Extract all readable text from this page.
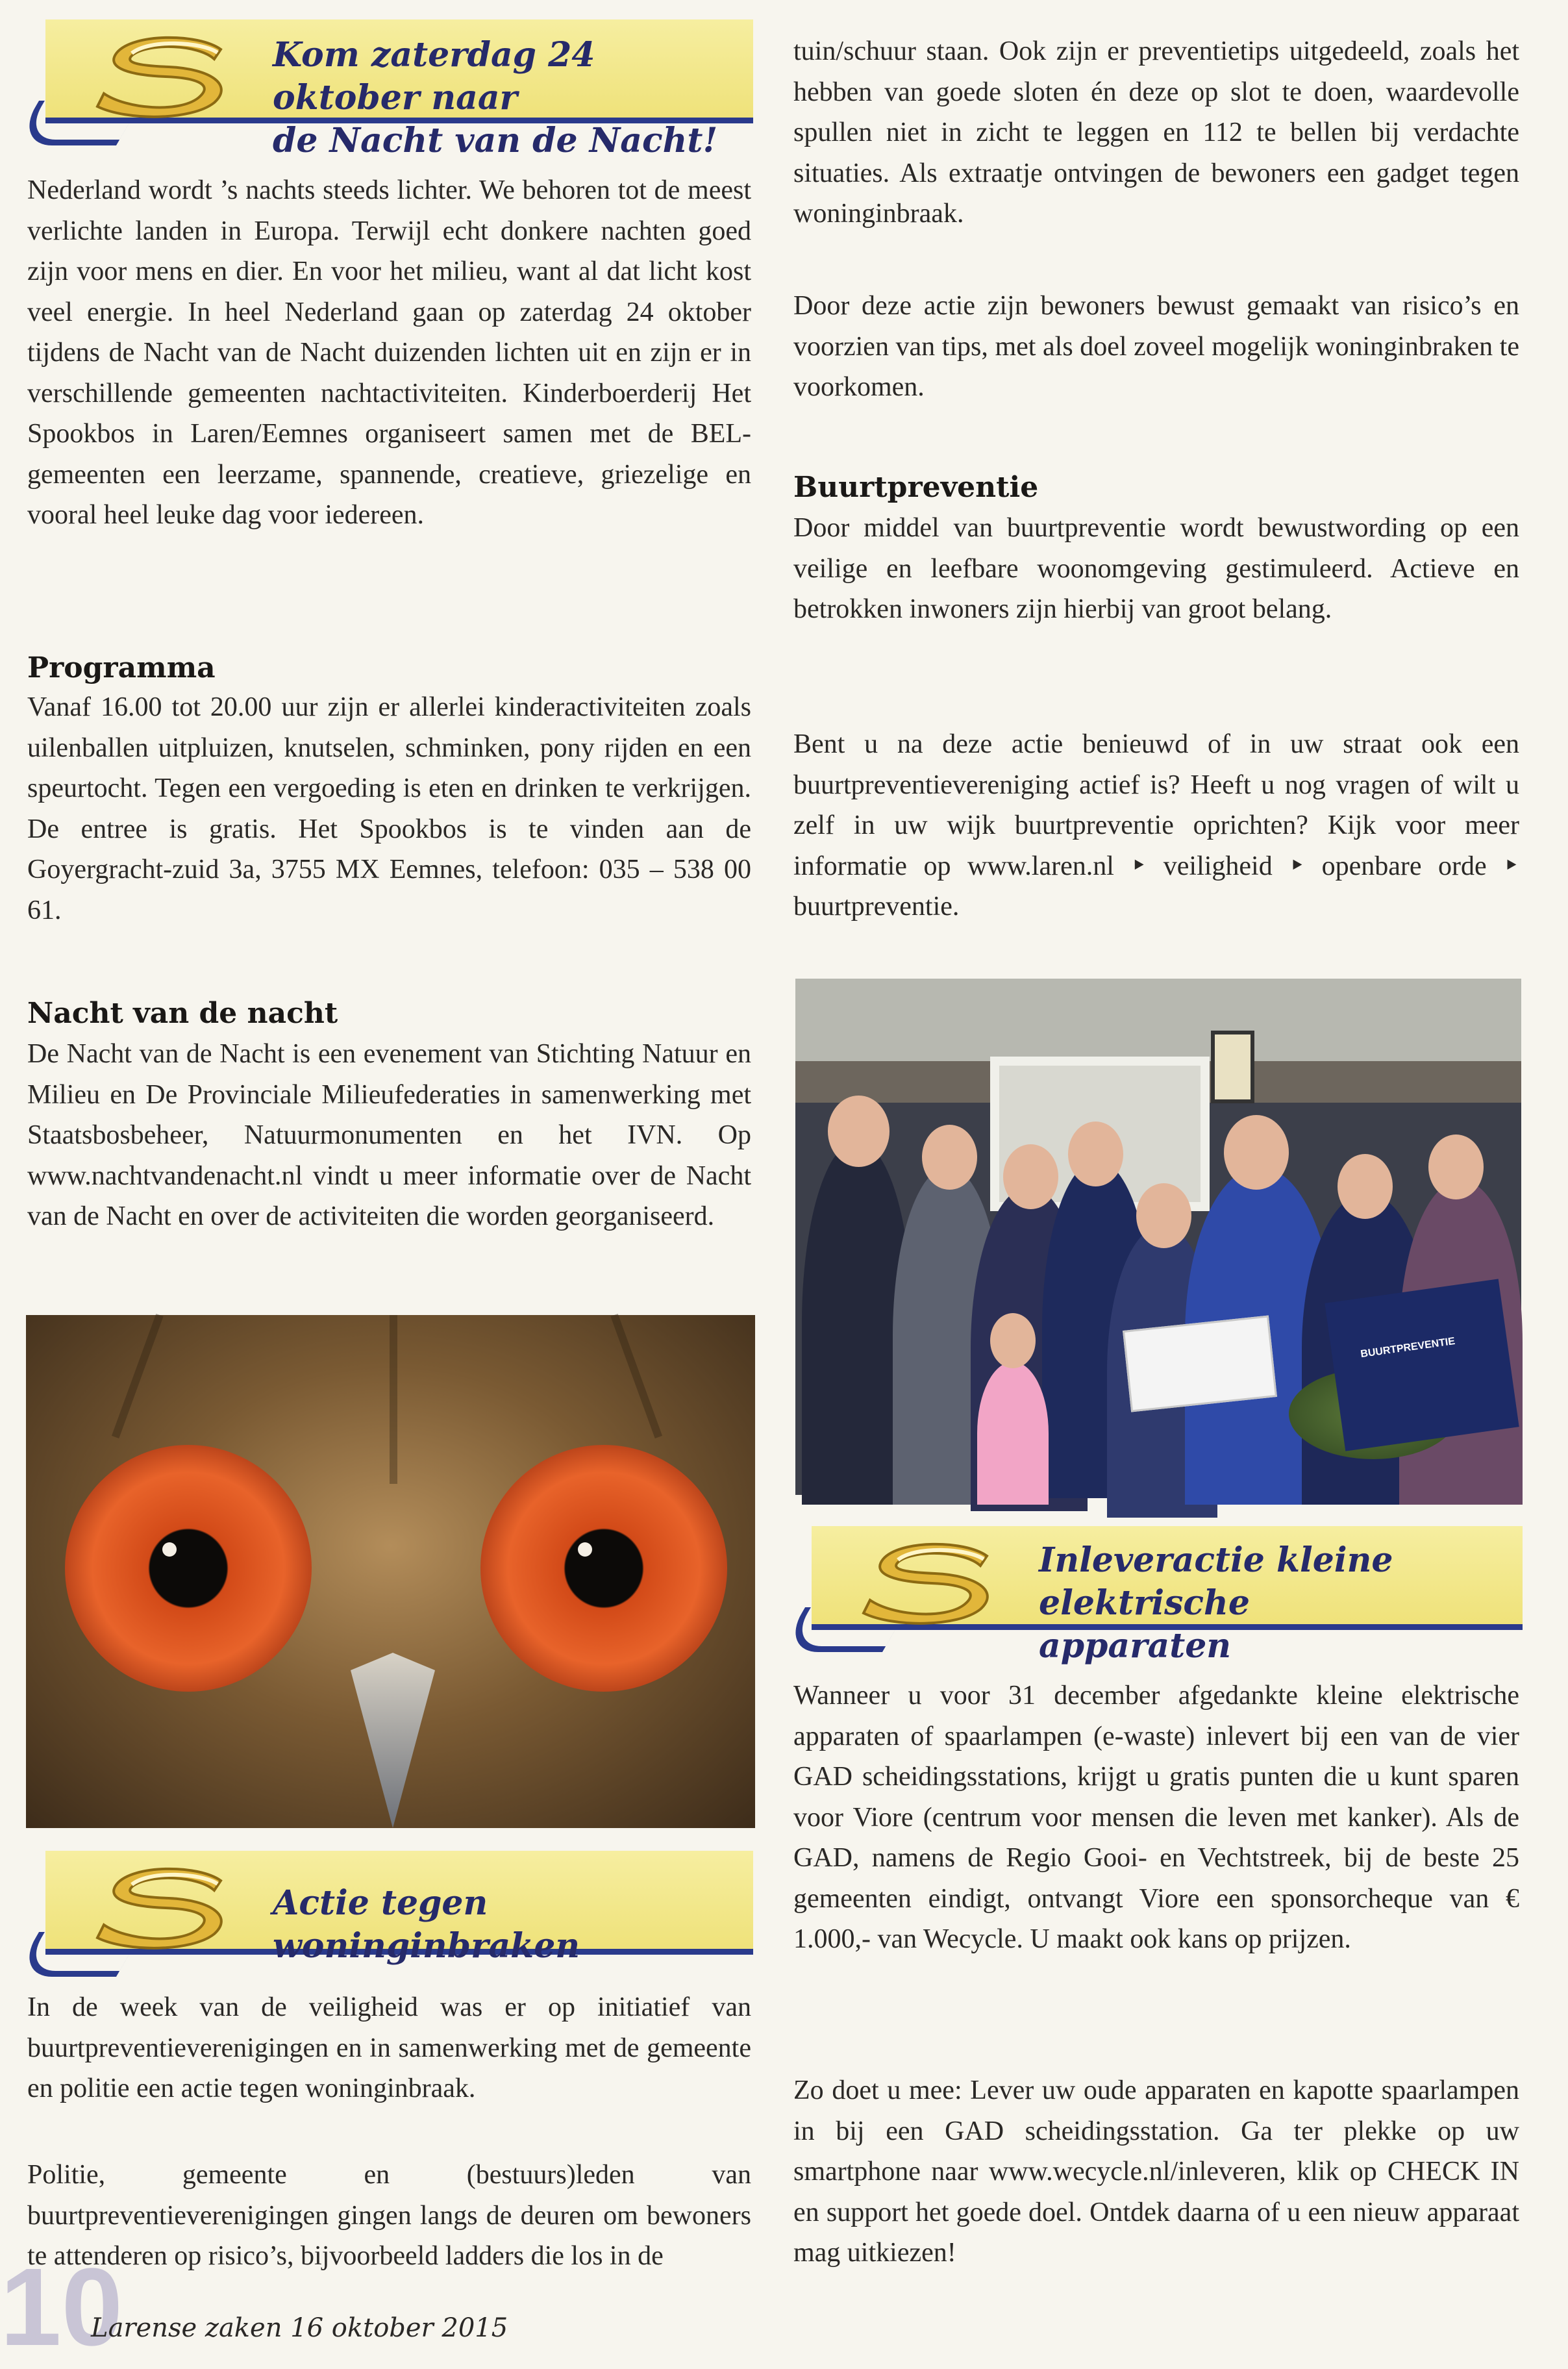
Kom zaterdag 24 oktober naar
de Nacht van de Nacht!

Nederland wordt ’s nachts steeds lichter. We behoren tot de meest verlichte landen in Europa. Terwijl echt donkere nachten goed zijn voor mens en dier. En voor het milieu, want al dat licht kost veel energie. In heel Nederland gaan op zaterdag 24 oktober tijdens de Nacht van de Nacht duizenden lichten uit en zijn er in verschillende gemeenten nachtactiviteiten. Kinderboerderij Het Spookbos in Laren/Eemnes organiseert samen met de BEL-gemeenten een leerzame, spannende, creatieve, griezelige en vooral heel leuke dag voor iedereen.

Programma

Vanaf 16.00 tot 20.00 uur zijn er allerlei kinderactiviteiten zoals uilenballen uitpluizen, knutselen, schminken, pony rijden en een speurtocht. Tegen een vergoeding is eten en drinken te verkrijgen. De entree is gratis. Het Spookbos is te vinden aan de Goyergracht-zuid 3a, 3755 MX Eemnes, telefoon: 035 – 538 00 61.

Nacht van de nacht

De Nacht van de Nacht is een evenement van Stichting Natuur en Milieu en De Provinciale Milieufederaties in samenwerking met Staatsbosbeheer, Natuurmonumenten en het IVN. Op www.nachtvandenacht.nl vindt u meer informatie over de Nacht van de Nacht en over de activiteiten die worden georganiseerd.

Actie tegen woninginbraken

In de week van de veiligheid was er op initiatief van buurtpreventieverenigingen en in samenwerking met de gemeente en politie een actie tegen woninginbraak.

Politie, gemeente en (bestuurs)leden van buurtpreventieverenigingen gingen langs de deuren om bewoners te attenderen op risico’s, bijvoorbeeld ladders die los in de

tuin/schuur staan. Ook zijn er preventietips uitgedeeld, zoals het hebben van goede sloten én deze op slot te doen, waardevolle spullen niet in zicht te leggen en 112 te bellen bij verdachte situaties. Als extraatje ontvingen de bewoners een gadget tegen woninginbraak.

Door deze actie zijn bewoners bewust gemaakt van risico’s en voorzien van tips, met als doel zoveel mogelijk woninginbraken te voorkomen.

Buurtpreventie

Door middel van buurtpreventie wordt bewustwording op een veilige en leefbare woonomgeving gestimuleerd. Actieve en betrokken inwoners zijn hierbij van groot belang.

Bent u na deze actie benieuwd of in uw straat ook een buurtpreventievereniging actief is? Heeft u nog vragen of wilt u zelf in uw wijk buurtpreventie oprichten? Kijk voor meer informatie op www.laren.nl ‣ veiligheid ‣ openbare orde ‣ buurtpreventie.

BUURTPREVENTIE
Inleveractie kleine elektrische
apparaten

Wanneer u voor 31 december afgedankte kleine elektrische apparaten of spaarlampen (e-waste) inlevert bij een van de vier GAD scheidingsstations, krijgt u gratis punten die u kunt sparen voor Viore (centrum voor mensen die leven met kanker). Als de GAD, namens de Regio Gooi- en Vechtstreek, bij de beste 25 gemeenten eindigt, ontvangt Viore een sponsorcheque van € 1.000,- van Wecycle. U maakt ook kans op prijzen.

Zo doet u mee: Lever uw oude apparaten en kapotte spaarlampen in bij een GAD scheidingsstation. Ga ter plekke op uw smartphone naar www.wecycle.nl/inleveren, klik op CHECK IN en support het goede doel. Ontdek daarna of u een nieuw apparaat mag uitkiezen!

10
Larense zaken 16 oktober 2015
